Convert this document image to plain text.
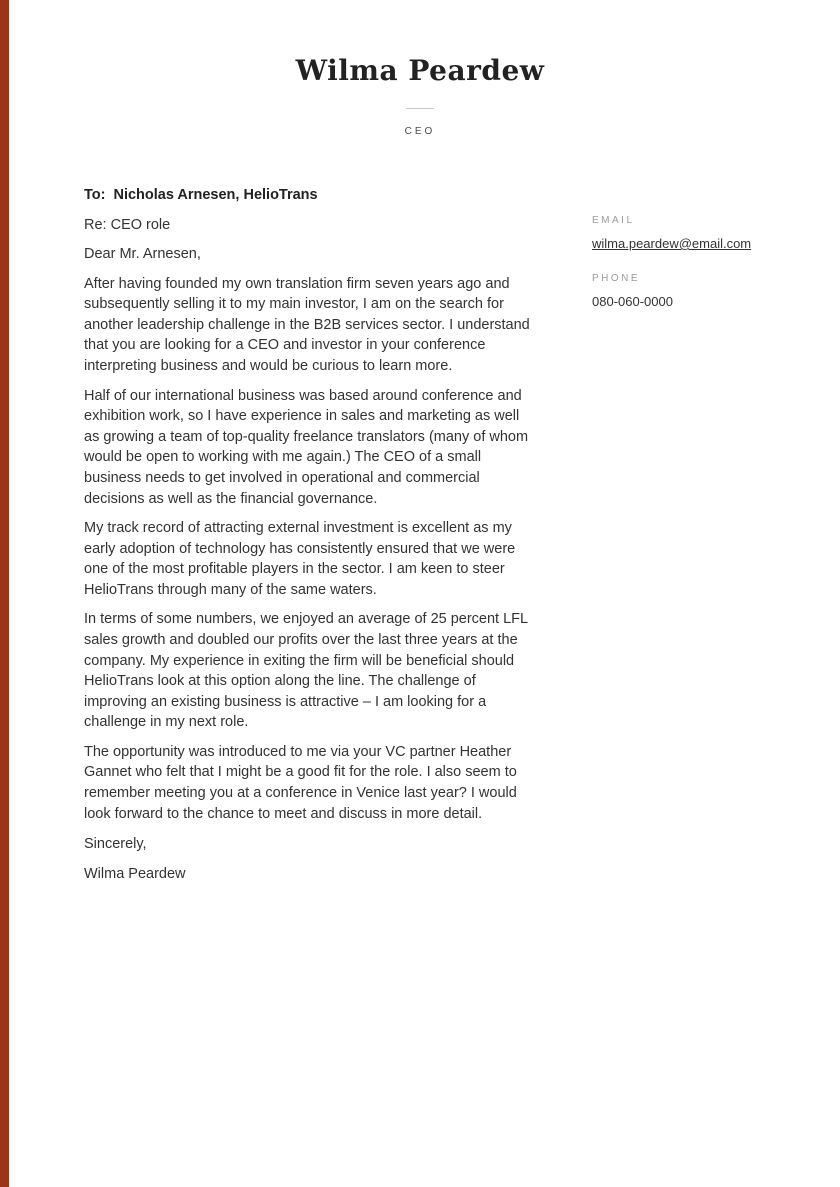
Wilma Peardew
CEO

To: Nicholas Arnesen, HelioTrans

Re: CEO role

Dear Mr. Arnesen,

After having founded my own translation firm seven years ago and subsequently selling it to my main investor, I am on the search for another leadership challenge in the B2B services sector. I understand that you are looking for a CEO and investor in your conference interpreting business and would be curious to learn more.

Half of our international business was based around conference and exhibition work, so I have experience in sales and marketing as well as growing a team of top-quality freelance translators (many of whom would be open to working with me again.) The CEO of a small business needs to get involved in operational and commercial decisions as well as the financial governance.

My track record of attracting external investment is excellent as my early adoption of technology has consistently ensured that we were one of the most profitable players in the sector. I am keen to steer HelioTrans through many of the same waters.

In terms of some numbers, we enjoyed an average of 25 percent LFL sales growth and doubled our profits over the last three years at the company. My experience in exiting the firm will be beneficial should HelioTrans look at this option along the line. The challenge of improving an existing business is attractive – I am looking for a challenge in my next role.

The opportunity was introduced to me via your VC partner Heather Gannet who felt that I might be a good fit for the role. I also seem to remember meeting you at a conference in Venice last year? I would look forward to the chance to meet and discuss in more detail.

Sincerely,

Wilma Peardew

EMAIL
wilma.peardew@email.com
PHONE
080-060-0000
